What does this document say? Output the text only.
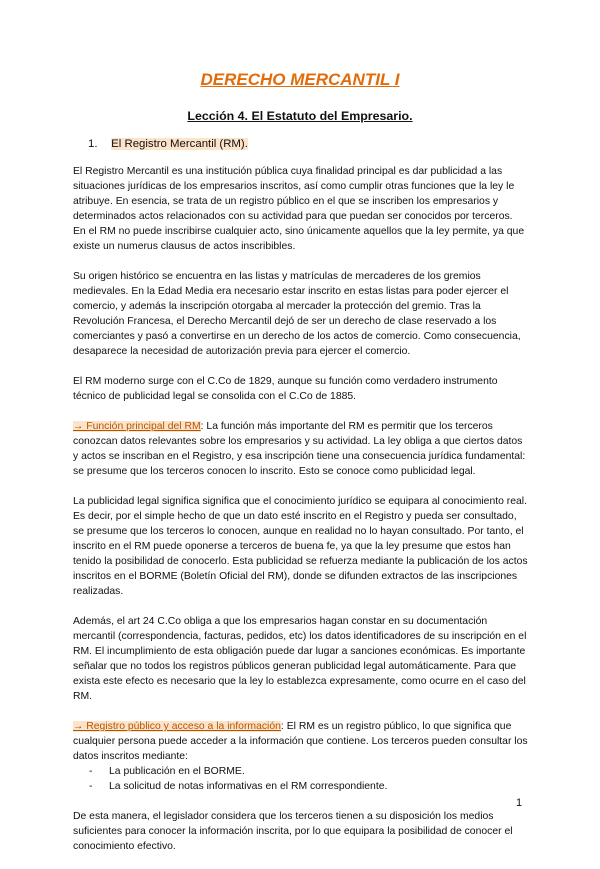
DERECHO MERCANTIL I
Lección 4. El Estatuto del Empresario.
1. El Registro Mercantil (RM).

El Registro Mercantil es una institución pública cuya finalidad principal es dar publicidad a las situaciones jurídicas de los empresarios inscritos, así como cumplir otras funciones que la ley le atribuye. En esencia, se trata de un registro público en el que se inscriben los empresarios y determinados actos relacionados con su actividad para que puedan ser conocidos por terceros. En el RM no puede inscribirse cualquier acto, sino únicamente aquellos que la ley permite, ya que existe un numerus clausus de actos inscribibles.

Su origen histórico se encuentra en las listas y matrículas de mercaderes de los gremios medievales. En la Edad Media era necesario estar inscrito en estas listas para poder ejercer el comercio, y además la inscripción otorgaba al mercader la protección del gremio. Tras la Revolución Francesa, el Derecho Mercantil dejó de ser un derecho de clase reservado a los comerciantes y pasó a convertirse en un derecho de los actos de comercio. Como consecuencia, desaparece la necesidad de autorización previa para ejercer el comercio.

El RM moderno surge con el C.Co de 1829, aunque su función como verdadero instrumento técnico de publicidad legal se consolida con el C.Co de 1885.

→ Función principal del RM: La función más importante del RM es permitir que los terceros conozcan datos relevantes sobre los empresarios y su actividad. La ley obliga a que ciertos datos y actos se inscriban en el Registro, y esa inscripción tiene una consecuencia jurídica fundamental: se presume que los terceros conocen lo inscrito. Esto se conoce como publicidad legal.

La publicidad legal significa significa que el conocimiento jurídico se equipara al conocimiento real. Es decir, por el simple hecho de que un dato esté inscrito en el Registro y pueda ser consultado, se presume que los terceros lo conocen, aunque en realidad no lo hayan consultado. Por tanto, el inscrito en el RM puede oponerse a terceros de buena fe, ya que la ley presume que estos han tenido la posibilidad de conocerlo. Esta publicidad se refuerza mediante la publicación de los actos inscritos en el BORME (Boletín Oficial del RM), donde se difunden extractos de las inscripciones realizadas.

Además, el art 24 C.Co obliga a que los empresarios hagan constar en su documentación mercantil (correspondencia, facturas, pedidos, etc) los datos identificadores de su inscripción en el RM. El incumplimiento de esta obligación puede dar lugar a sanciones económicas. Es importante señalar que no todos los registros públicos generan publicidad legal automáticamente. Para que exista este efecto es necesario que la ley lo establezca expresamente, como ocurre en el caso del RM.

→ Registro público y acceso a la información: El RM es un registro público, lo que significa que cualquier persona puede acceder a la información que contiene. Los terceros pueden consultar los datos inscritos mediante:

- La publicación en el BORME.
- La solicitud de notas informativas en el RM correspondiente.

De esta manera, el legislador considera que los terceros tienen a su disposición los medios suficientes para conocer la información inscrita, por lo que equipara la posibilidad de conocer el conocimiento efectivo.

1
